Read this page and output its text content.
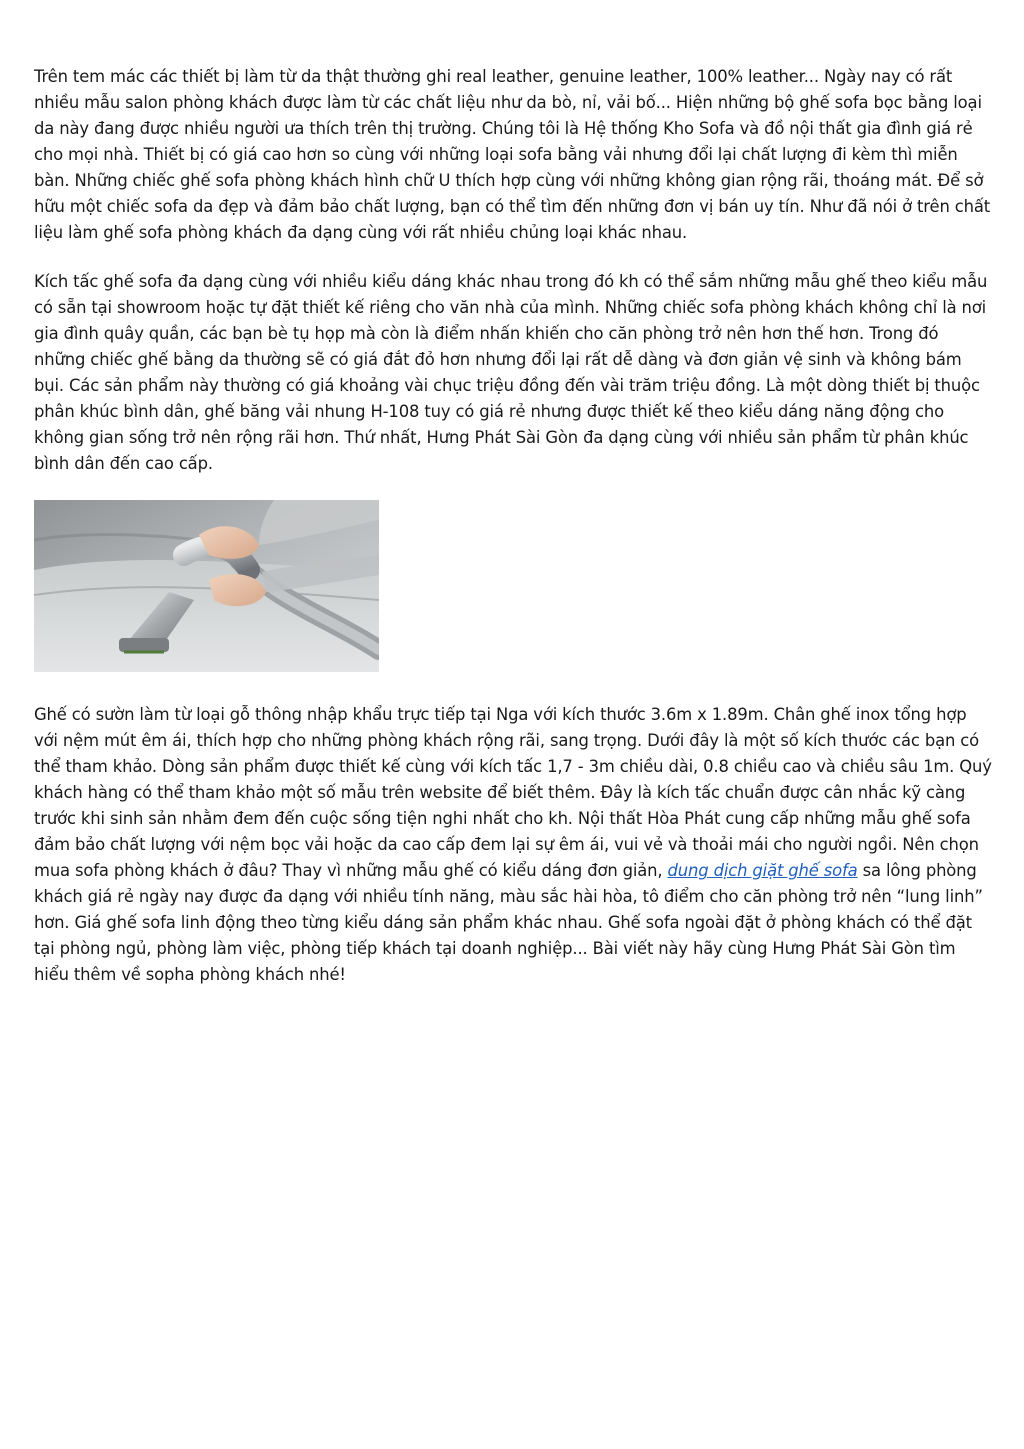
Trên tem mác các thiết bị làm từ da thật thường ghi real leather, genuine leather, 100% leather... Ngày nay có rất nhiều mẫu salon phòng khách được làm từ các chất liệu như da bò, nỉ, vải bố... Hiện những bộ ghế sofa bọc bằng loại da này đang được nhiều người ưa thích trên thị trường. Chúng tôi là Hệ thống Kho Sofa và đồ nội thất gia đình giá rẻ cho mọi nhà. Thiết bị có giá cao hơn so cùng với những loại sofa bằng vải nhưng đổi lại chất lượng đi kèm thì miễn bàn. Những chiếc ghế sofa phòng khách hình chữ U thích hợp cùng với những không gian rộng rãi, thoáng mát. Để sở hữu một chiếc sofa da đẹp và đảm bảo chất lượng, bạn có thể tìm đến những đơn vị bán uy tín. Như đã nói ở trên chất liệu làm ghế sofa phòng khách đa dạng cùng với rất nhiều chủng loại khác nhau.

Kích tấc ghế sofa đa dạng cùng với nhiều kiểu dáng khác nhau trong đó kh có thể sắm những mẫu ghế theo kiểu mẫu có sẵn tại showroom hoặc tự đặt thiết kế riêng cho văn nhà của mình. Những chiếc sofa phòng khách không chỉ là nơi gia đình quây quần, các bạn bè tụ họp mà còn là điểm nhấn khiến cho căn phòng trở nên hơn thế hơn. Trong đó những chiếc ghế bằng da thường sẽ có giá đắt đỏ hơn nhưng đổi lại rất dễ dàng và đơn giản vệ sinh và không bám bụi. Các sản phẩm này thường có giá khoảng vài chục triệu đồng đến vài trăm triệu đồng. Là một dòng thiết bị thuộc phân khúc bình dân, ghế băng vải nhung H-108 tuy có giá rẻ nhưng được thiết kế theo kiểu dáng năng động cho không gian sống trở nên rộng rãi hơn. Thứ nhất, Hưng Phát Sài Gòn đa dạng cùng với nhiều sản phẩm từ phân khúc bình dân đến cao cấp.

Ghế có sườn làm từ loại gỗ thông nhập khẩu trực tiếp tại Nga với kích thước 3.6m x 1.89m. Chân ghế inox tổng hợp với nệm mút êm ái, thích hợp cho những phòng khách rộng rãi, sang trọng. Dưới đây là một số kích thước các bạn có thể tham khảo. Dòng sản phẩm được thiết kế cùng với kích tấc 1,7 - 3m chiều dài, 0.8 chiều cao và chiều sâu 1m. Quý khách hàng có thể tham khảo một số mẫu trên website để biết thêm. Đây là kích tấc chuẩn được cân nhắc kỹ càng trước khi sinh sản nhằm đem đến cuộc sống tiện nghi nhất cho kh. Nội thất Hòa Phát cung cấp những mẫu ghế sofa đảm bảo chất lượng với nệm bọc vải hoặc da cao cấp đem lại sự êm ái, vui vẻ và thoải mái cho người ngồi. Nên chọn mua sofa phòng khách ở đâu? Thay vì những mẫu ghế có kiểu dáng đơn giản, dung dịch giặt ghế sofa sa lông phòng khách giá rẻ ngày nay được đa dạng với nhiều tính năng, màu sắc hài hòa, tô điểm cho căn phòng trở nên “lung linh” hơn. Giá ghế sofa linh động theo từng kiểu dáng sản phẩm khác nhau. Ghế sofa ngoài đặt ở phòng khách có thể đặt tại phòng ngủ, phòng làm việc, phòng tiếp khách tại doanh nghiệp... Bài viết này hãy cùng Hưng Phát Sài Gòn tìm hiểu thêm về sopha phòng khách nhé!
